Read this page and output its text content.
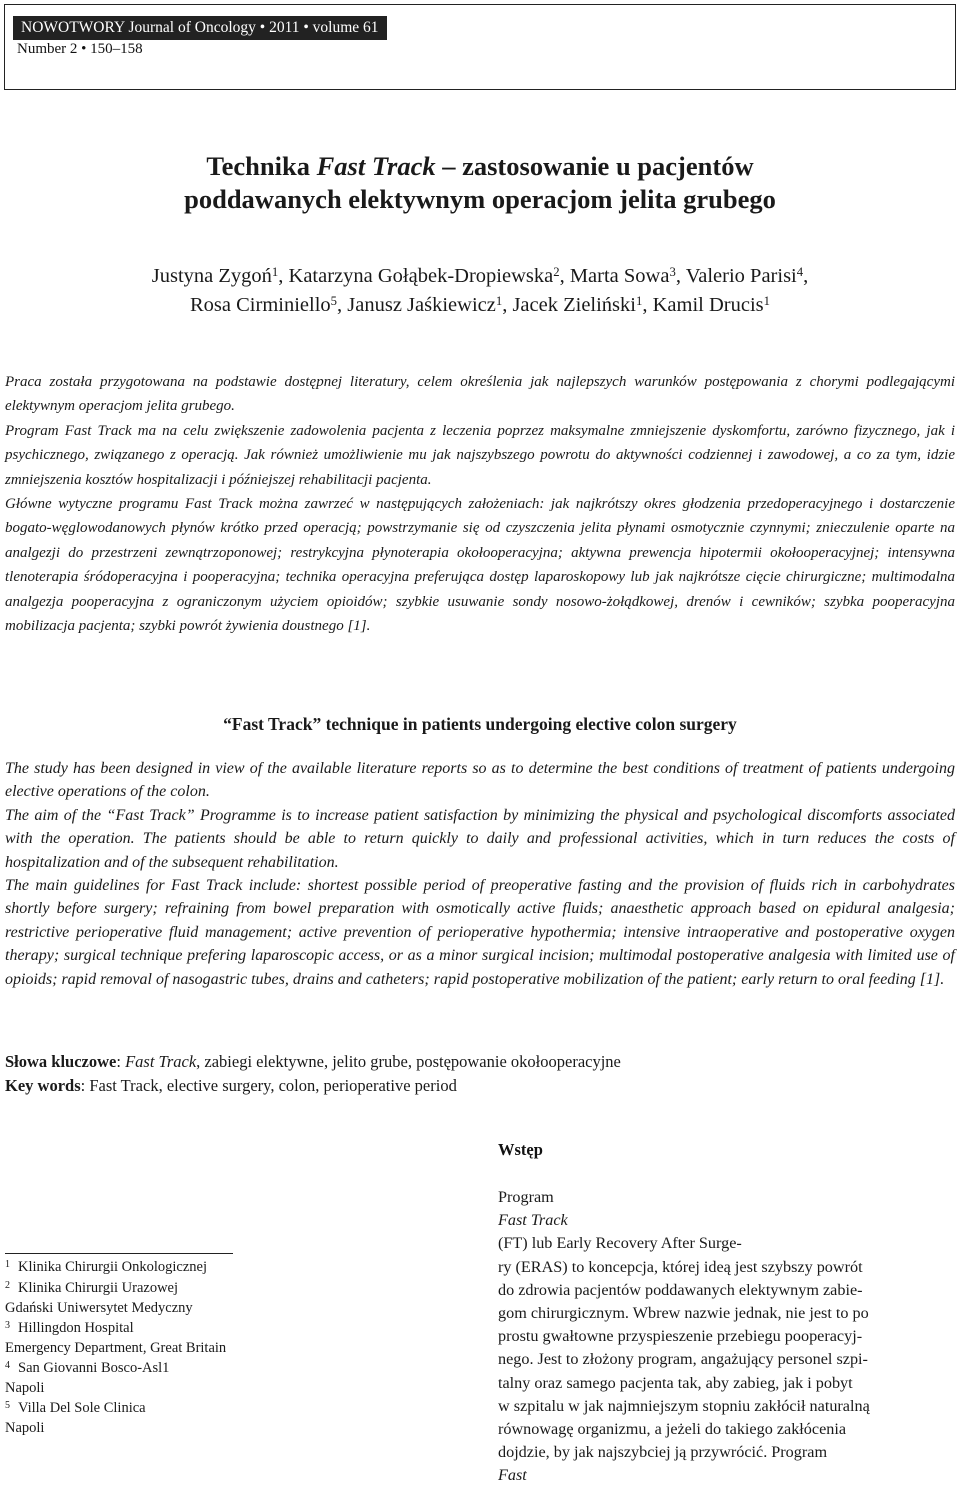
NOWOTWORY Journal of Oncology • 2011 • volume 61
Number 2 • 150–158
Technika Fast Track – zastosowanie u pacjentów
poddawanych elektywnym operacjom jelita grubego
Justyna Zygoń$^1$, Katarzyna Gołąbek-Dropiewska$^2$, Marta Sowa$^3$, Valerio Parisi$^4$,
Rosa Cirminiello$^5$, Janusz Jaśkiewicz$^1$, Jacek Zieliński$^1$, Kamil Drucis$^1$

Praca została przygotowana na podstawie dostępnej literatury, celem określenia jak najlepszych warunków postępowania z chorymi podlegającymi elektywnym operacjom jelita grubego.

Program Fast Track ma na celu zwiększenie zadowolenia pacjenta z leczenia poprzez maksymalne zmniejszenie dyskomfortu, zarówno fizycznego, jak i psychicznego, związanego z operacją. Jak również umożliwienie mu jak najszybszego powrotu do aktywności codziennej i zawodowej, a co za tym, idzie zmniejszenia kosztów hospitalizacji i późniejszej rehabilitacji pacjenta.

Główne wytyczne programu Fast Track można zawrzeć w następujących założeniach: jak najkrótszy okres głodzenia przedoperacyjnego i dostarczenie bogato-węglowodanowych płynów krótko przed operacją; powstrzymanie się od czyszczenia jelita płynami osmotycznie czynnymi; znieczulenie oparte na analgezji do przestrzeni zewnątrzoponowej; restrykcyjna płynoterapia okołooperacyjna; aktywna prewencja hipotermii okołooperacyjnej; intensywna tlenoterapia śródoperacyjna i pooperacyjna; technika operacyjna preferująca dostęp laparoskopowy lub jak najkrótsze cięcie chirurgiczne; multimodalna analgezja pooperacyjna z ograniczonym użyciem opioidów; szybkie usuwanie sondy nosowo-żołądkowej, drenów i cewników; szybka pooperacyjna mobilizacja pacjenta; szybki powrót żywienia doustnego [1].

“Fast Track” technique in patients undergoing elective colon surgery

The study has been designed in view of the available literature reports so as to determine the best conditions of treatment of patients undergoing elective operations of the colon.

The aim of the “Fast Track” Programme is to increase patient satisfaction by minimizing the physical and psychological discomforts associated with the operation. The patients should be able to return quickly to daily and professional activities, which in turn reduces the costs of hospitalization and of the subsequent rehabilitation.

The main guidelines for Fast Track include: shortest possible period of preoperative fasting and the provision of fluids rich in carbohydrates shortly before surgery; refraining from bowel preparation with osmotically active fluids; anaesthetic approach based on epidural analgesia; restrictive perioperative fluid management; active prevention of perioperative hypothermia; intensive intraoperative and postoperative oxygen therapy; surgical technique prefering laparoscopic access, or as a minor surgical incision; multimodal postoperative analgesia with limited use of opioids; rapid removal of nasogastric tubes, drains and catheters; rapid postoperative mobilization of the patient; early return to oral feeding [1].

Słowa kluczowe: Fast Track, zabiegi elektywne, jelito grube, postępowanie okołooperacyjne
Key words: Fast Track, elective surgery, colon, perioperative period
Wstęp
Program
Fast Track
(FT) lub Early Recovery After Surge-
ry (ERAS) to koncepcja, której ideą jest szybszy powrót
do zdrowia pacjentów poddawanych elektywnym zabie-
gom chirurgicznym. Wbrew nazwie jednak, nie jest to po
prostu gwałtowne przyspieszenie przebiegu pooperacyj-
nego. Jest to złożony program, angażujący personel szpi-
talny oraz samego pacjenta tak, aby zabieg, jak i pobyt
w szpitalu w jak najmniejszym stopniu zakłócił naturalną
równowagę organizmu, a jeżeli do takiego zakłócenia
dojdzie, by jak najszybciej ją przywrócić. Program
Fast
$^1$ Klinika Chirurgii Onkologicznej
$^2$ Klinika Chirurgii Urazowej
Gdański Uniwersytet Medyczny
$^3$ Hillingdon Hospital
Emergency Department, Great Britain
$^4$ San Giovanni Bosco-Asl1
Napoli
$^5$ Villa Del Sole Clinica
Napoli
